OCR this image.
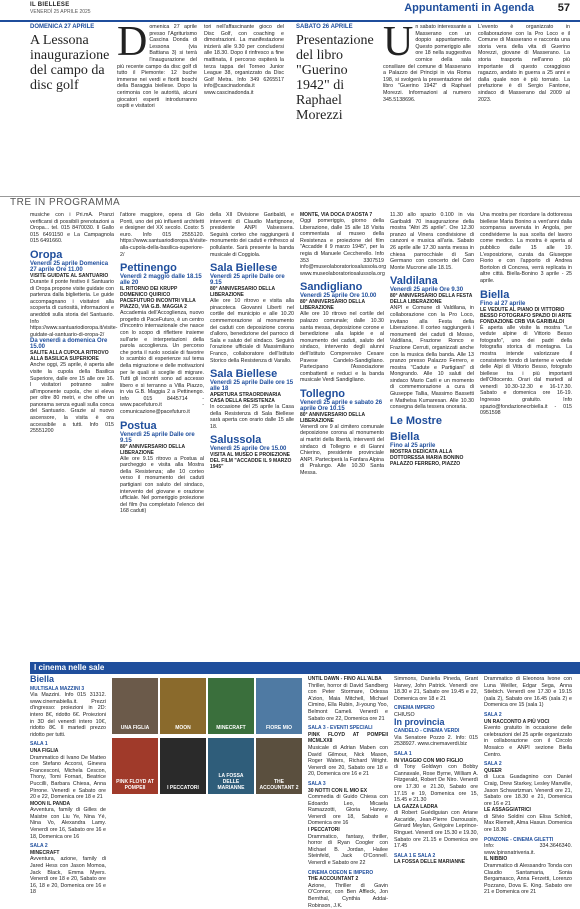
IL BIELLESE
VENERDÌ 25 APRILE 2025	Appuntamenti in Agenda 57
DOMENICA 27 APRILE
A Lessona inaugurazione del campo da disc golf
D omenica 27 aprile presso l'Agriturismo Cascina Donda di Lessona (via Battiana 3) si terrà l'inaugurazione del più recente campo da disc golf di tutto il Piemonte: 12 buche immerse nei verdi e fioriti boschi della Baraggia biellese. Dopo la cerimonia con le autorità, alcuni giocatori esperti introdurranno ospiti e visitatori
tori nell'affascinante gioco del Disc Golf, con coaching e dimostrazioni. La manifestazione inizierà alle 9.30 per concludersi alle 18.30. Dopo il rinfresco a fine mattinata, il percorso ospiterà la terza tappa del Torneo Junior League 38, organizzato da Disc Golf Metra. Info 349 6265517 info@cascinadonda.it www.cascinadonda.it
SABATO 26 APRILE
Presentazione del libro "Guerino 1942" di Raphael Morezzi
U n sabato interessante a Masserano con un doppio appuntamento. Questo pomeriggio alle ore 18 nella suggestiva cornice della sala consiliare del comune di Masserano a Palazzo dei Principi in via Roma 198, si svolgerà la presentazione del libro "Guerino 1942" di Raphael Morezzi. Informazioni al numero 345.5138696.
L'evento è organizzato in collaborazione con la Pro Loco e il Comune di Masserano e racconta una storia vera della vita di Guerino Morezzi, giovane di Masserano. La storia trasporta nell'anno più importante di questo coraggioso ragazzo, andato in guerra a 25 anni e dalla quale non è più tornato. La prefazione è di Sergio Fantone, sindaco di Masserano dal 2009 al 2023.
TRE IN PROGRAMMA
musiche con i Pri.mA. Pranzi verificarsi di possibili prenotazioni a Oropa... tel. 015 8470030. Il Gallo 015 6491150 e La Campagnola 015 6491660.
Oropa
Venerdì 25 aprile Domenica 27 aprile Ore 11.00
VISITE GUIDATE AL SANTUARIO
Durante il ponte festivo il Santuario di Oropa propone visite guidate con partenza dalla biglietteria. Le guide accompagnano i visitatori alla scoperta di curiosità, informazioni e aneddoti sulla storia del Santuario. Info https://www.santuariodioropa.it/visite-guidate-al-santuario-di-oropa-2/
Da venerdì a domenica Ore 15.00
SALITE ALLA CUPOLA RITROVO ALLA BASILICA SUPERIORE
Anche oggi, 25 aprile, è aperta alle visite la cupola della Basilica Superiore, dalle ore 15 alle ore 16. I visitatori potranno salire all'imponente cupola, che si eleva per oltre 80 metri, e che offre un panorama senza eguali sulla conca del Santuario. Grazie al nuovo ascensore, la visita è ora accessibile a tutti. Info 015 25551200
l'attore maggiore, opera di Gio Ponti, uno dei più influenti architetti e designer del XX secolo. Costo: 5 euro. Info 015 2555120. https://www.santuariodioropa.it/visite-alla-cupola-della-basilica-superiore-2/
Pettinengo
Venerdì 2 maggio dalle 18.15 alle 20
IL RITORNO DEI KRUPP DOMENICO QUIRICO PACEFUTURO INCONTRI VILLA PIAZZO, VIA G.B. MAGGIA 2
Accademia dell'Accoglienza, nuovo progetto di PaceFuturo, è un centro d'incontro internazionale che nasce con lo scopo di riflettere insieme sull'arte e interpretazioni della parola accoglienza. Un percorso che porta il ruolo sociale di favorire lo scambio di esperienze sul tema della migrazione e delle motivazioni per le quali si sceglie di migrare. Tutti gli incontri sono ad accesso libero e si terranno a Villa Piazzo, in via G.B. Maggia 2 a Pettinengo. Info 015 8445714 - www.pacefuturo.it - comunicazione@pacefuturo.it
Postua
Venerdì 25 aprile Dalle ore 9.15
80° ANNIVERSARIO DELLA LIBERAZIONE
Alle ore 9.15 ritrovo a Postua al parcheggio e visita alla Mostra della Resistenza; alle 10 corteo verso il monumento dei caduti partigiani con saluto del sindaco, intervento del giovane e orazione ufficiale. Nel pomeriggio proiezione del film (ha completato l'elenco dei 168 caduti)
della XII Divisione Garibaldi, e interventi di Claudio Martignone, presidente ANPI Valsessera. Seguirà corteo che raggiungerà il monumento dei caduti e rinfresco al pollulante. Sarà presente la banda musicale di Coggiola.
Sala Biellese
Venerdì 25 aprile Dalle ore 9.15
80° ANNIVERSARIO DELLA LIBERAZIONE
Alle ore 10 ritrovo e visita alla pinacoteca Giovanni Liberti nel cortile del municipio e alle 10.20 commemorazione al monumento dei caduti con deposizione corona d'alloro, benedizione del parroco di Sala e saluto del sindaco. Seguirà l'orazione ufficiale di Massimiliano Franco, collaboratore dell'Istituto Storico della Resistenza di Varallo.
Sala Biellese
Venerdì 25 aprile Dalle ore 15 alle 18
APERTURA STRAORDINARIA CASA DELLA RESISTENZA
In occasione del 25 aprile la Casa della Resistenza di Sala Biellese sarà aperta con orario dalle 15 alle 18.
Salussola
Venerdì 25 aprile Ore 15.00
VISITA AL MUSEO E PROIEZIONE DEL FILM "ACCADDE IL 9 MARZO 1945"
MONTE, VIA DOCA D'AOSTA 7
Oggi pomeriggio, giorno della Liberazione, dalle 15 alle 18 Visita commentata al museo della Resistenza e proiezione del film "Accadde il 9 marzo 1945", per la regia di Manuele Ceccherello. Info 353 3307519 info@museolaboratoriosalussola.org www.museolaboratoriosalussola.org
Sandigliano
Venerdì 25 aprile Ore 10.00
80° ANNIVERSARIO DELLA LIBERAZIONE
Alle ore 10 ritrovo nel cortile del palazzo comunale; dalle 10.30 santa messa, deposizione corone e benedizione alla lapide e al monumento dei caduti, saluto del sindaco, intervento degli alunni dell'Istituto Comprensivo Cesare Pavese Candelo-Sandigliano. Partecipano l'Associazione combattenti e reduci e la banda musicale Verdi Sandigliano.
Tollegno
Venerdì 25 aprile e sabato 26 aprile Ore 10.15
80° ANNIVERSARIO DELLA LIBERAZIONE
Venerdì ore 9 al cimitero comunale deposizione corona al monumento ai martiri della libertà, interventi del sindaco di Tollegno e di Gianni Chierino, presidente provinciale ANPI. Parteciperà la Fanfara Alpina di Pralungo. Alle 10.30 Santa Messa.
11.30 allo spazio 0.100 in via Garibaldi 70 inaugurazione della mostra "Altri 25 aprile". Ore 12.30 pranzo al Vinera condivisione di canzoni e musica all'aria. Sabato 26 aprile alle 17.30 santa messa in chiesa parrocchiale di San Germano con concerto del Coro Monte Mucrone alle 18.15.
Valdilana
Venerdì 25 aprile Ore 9.30
80° ANNIVERSARIO DELLA FESTA DELLA LIBERAZIONE
ANPI e Comune di Valdilana, in collaborazione con la Pro Loco, invitano alla Festa della Liberazione. Il corteo raggiungerà i monumenti dei caduti di Mosso, Valdilana, Frazione Ronco e Frazione Cerruti, organizzati anche con la musica della banda. Alle 13 pranzo presso Palazzo Ferrero, e mostra "Cadute e Partigiani" di Mongrando. Alle 10 saluti del sindaco Mario Carli e un momento di commemorazione a cura di Giuseppe Tallia, Massimo Bassetti e Mathelsa Kumaresan. Alle 10.30 consegna della tessera onoraria.
Le Mostre
Biella
Fino al 25 aprile
MOSTRA DEDICATA ALLA DOTTORESSA MARIA BONINO PALAZZO FERRERO, PIAZZO
Una mostra per ricordare la dottoressa biellese Maria Bonino a vent'anni dalla scomparsa avvenuta in Angola, per condividerne la sua scelta del lavoro come medico. La mostra è aperta al pubblico dalle 15 alle 19. L'esposizione, curata da Giuseppe Fiorio e con l'apporto di Andrea Bortolon di Concrea, verrà replicata in altre città. Biella-Bonino 3 aprile - 25 aprile.
Biella
Fino al 27 aprile
LE VEDUTE AL PIANO DI VITTORIO BESSO FOTOGRAFO SPAZIO DI ARTE FONDAZIONE CRB VIA GARIBALDI
È aperta alle visite la mostra "Le vedute alpine di Vittorio Besso fotografo", uno dei padri della fotografia storica di montagna. La mostra intende valorizzare il consistente fondo di lanterne e vedute delle Alpi di Vittorio Besso, fotografo biellese tra i più importanti dell'Ottocento. Orari dal martedì al venerdì 10.30-12.30 e 16-17.30. Sabato e domenica ore 16-19. Ingresso gratuito. Info spazio@fondazionecrbiella.it - 015 0951598
I cinema nelle sale
Biella
MULTISALA MAZZINI 3
Via Mazzini. Info 015 31312. www.cinemabiella.it. Prezzi d'ingresso: proiezioni in 2D: intero 8€, ridotto 6€. Proiezioni in 3D del venerdì intero 10€, ridotto 8€. Il martedì prezzo ridotto per tutti.
SALA 1
UNA FIGLIA
Drammatico di Ivano De Matteo con Stefano Accorsi, Ginevra Francesconi, Michela Cescon, Thony, Tomi Fornari, Beatrice Puccilli, Barbara Chiesa, Anna Pirrone. Venerdì e Sabato ore 20 e 22, Domenica ore 18 e 21
MOON IL PANDA
Avventura, family di Gilles de Maistre con Liu Ye, Nina Yé, Nina Vo, Alexandra Lamy. Venerdì ore 16, Sabato ore 16 e 18, Domenica ore 16
SALA 2
MINECRAFT
Avventura, azione, family di Jared Hess con Jason Momoa, Jack Black, Emma Myers. Venerdì ore 18 e 20, Sabato ore 16, 18 e 20, Domenica ore 16 e 18
UNA FIGLIA	MOON	MINECRAFT	FIORE MIO
PINK FLOYD AT POMPEII	I PECCATORI
LA FOSSA DELLE MARIANNE
THE ACCOUNTANT 2
UNTIL DAWN - FINO ALL'ALBA
Thriller, horror di David Sandberg con Peter Stormare, Odessa A'zion, Maia Mitchell, Michael Cimino, Ella Rubin, Ji-young Yoo, Belmont Cameli. Venerdì e Sabato ore 22, Domenica ore 21
SALA 3 - EVENTI SPECIALI
PINK FLOYD AT POMPEII MCMLXXII
Musicale di Adrian Maben con David Gilmour, Nick Mason, Roger Waters, Richard Wright. Venerdì ore 20, Sabato ore 18 e 20, Domenica ore 16 e 21
SALA 3
30 NOTTI CON IL MIO EX
Commedia di Guido Chiesa con Edoardo Leo, Micaela Ramazzotti, Gloria Harvey. Venerdì ore 18, Sabato e Domenica ore 16
I PECCATORI
Drammatico, fantasy, thriller, horror di Ryan Coogler con Michael B. Jordan, Hailee Steinfeld, Jack O'Connell. Venerdì e Sabato ore 22
CINEMA ODEON E IMPERO
THE ACCOUNTANT 2
Azione, Thriller di Gavin O'Connor, con Ben Affleck, Jon Bernthal, Cynthia Addai-Robinson, J.K.
Simmons, Daniella Pineda, Grant Harvey, John Patrick. Venerdì ore 18.30 e 21, Sabato ore 19.45 e 22, Domenica ore 18 e 21
CINEMA IMPERO
CHIUSO
In provincia
CANDELO - CINEMA VERDI
Via Senatore Pozzo 2. Info: 015 2538927. www.cinemaverdi.biz
SALA 1
IN VIAGGIO CON MIO FIGLIO
di Tony Goldwyn con Bobby Cannavale, Rose Byrne, William A. Fitzgerald, Robert De Niro. Venerdì ore 17.30 e 21.30, Sabato ore 17.15 e 19, Domenica ore 15, 15.45 e 21.30
LA GAZZA LADRA
di Robert Guédiguian con Ariane Ascaride, Jean-Pierre Darroussin, Gérard Meylan, Grégoire Leprince-Ringuet. Venerdì ore 15.30 e 19.30, Sabato ore 21.15 e Domenica ore 17.45
SALA 1 E SALA 2
LA FOSSA DELLE MARIANNE
Drammatico di Eleonora Ivone con Luna Weiller, Edgar Sega, Anna Stiebich. Venerdì ore 17.30 e 19.15 (sala 2), Sabato ore 16.45 (sala 2) e Domenica ore 15 (sala 1)
SALA 2
UN RACCONTO A PIÙ VOCI
Evento gratuito in occasione delle celebrazioni del 25 aprile organizzato in collaborazione con il Circolo Mosaico e ANPI sezione Biella Centro.
SALA 2
QUEER
di Luca Guadagnino con Daniel Craig, Drew Starkey, Lesley Manville, Jason Schwartzman. Venerdì ore 21, Sabato ore 18.30 e 21, Domenica ore 16 e 21
LE ASSAGGIATRICI
di Silvio Soldini con Elisa Schlott, Max Riemelt, Alma Hasun. Domenica ore 18.30
PONZONE - CINEMA GILETTI
Info: 334.3646340. www.lpinsnatriveria.it.
IL NIBBIO
Drammatico di Alessandro Tonda con Claudio Santamaria, Sonia Bergamasco, Anna Ferzetti, Lorenzo Pozzano, Dova E. King. Sabato ore 21 e Domenica ore 21
